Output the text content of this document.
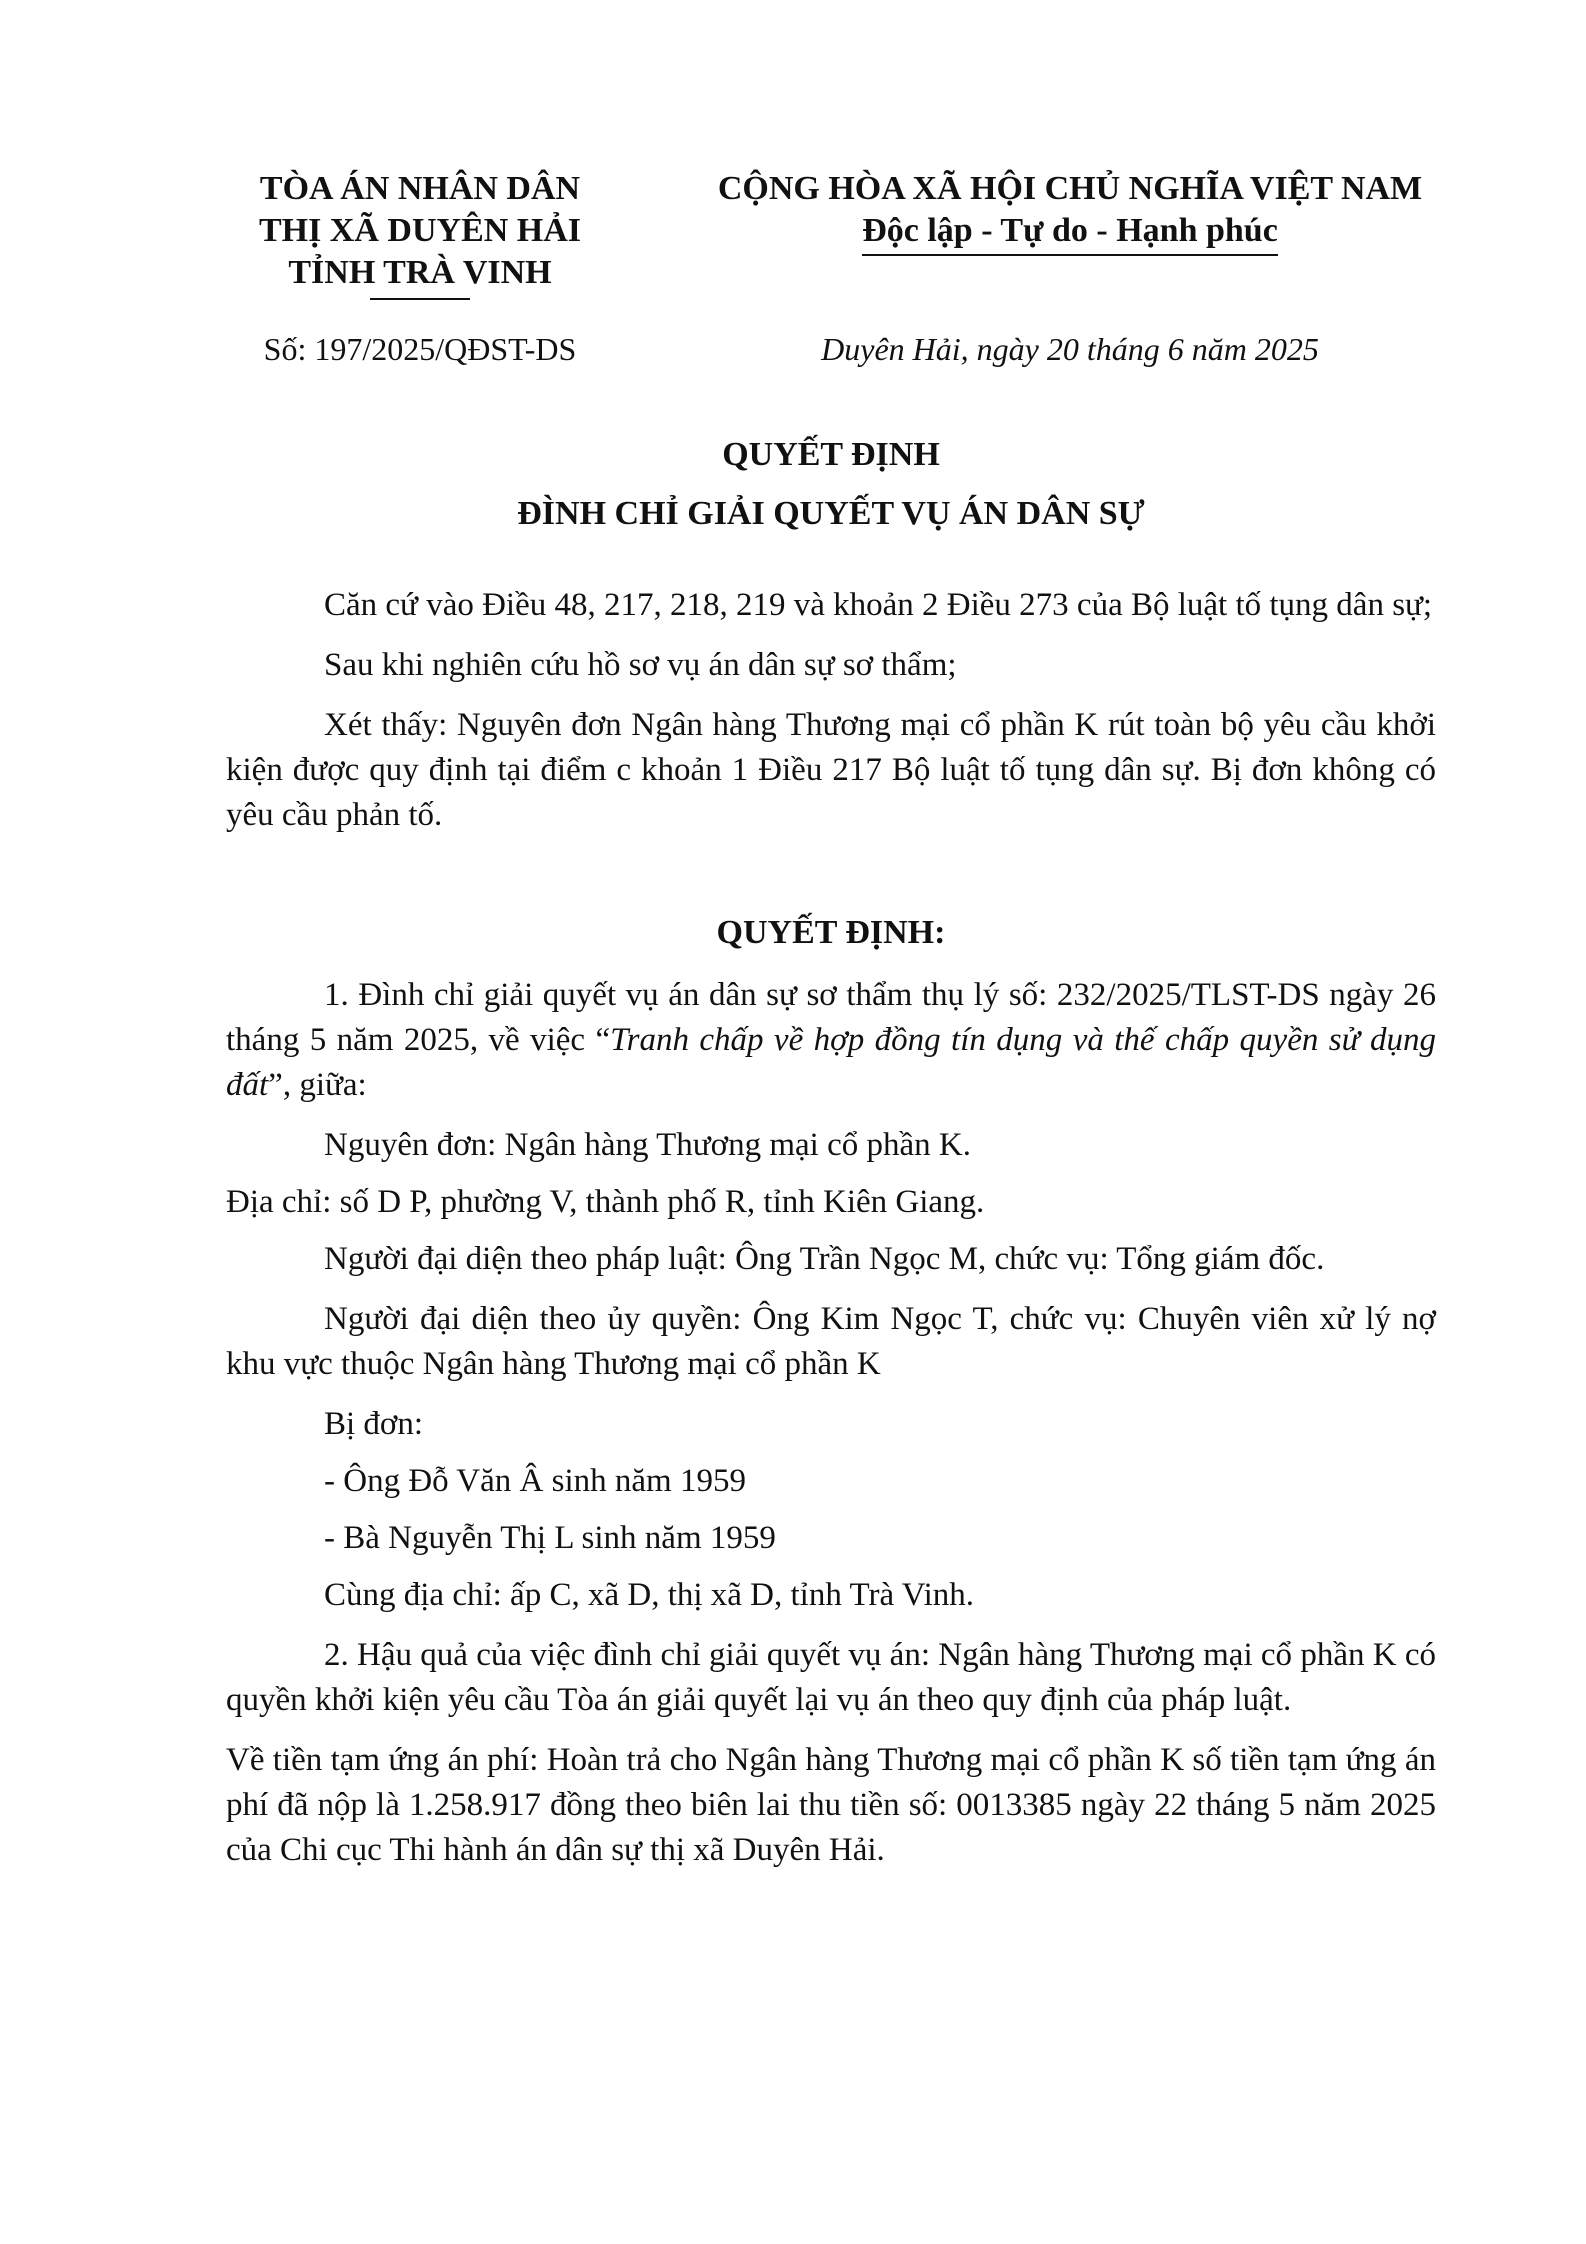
TÒA ÁN NHÂN DÂN
THỊ XÃ DUYÊN HẢI
TỈNH TRÀ VINH
CỘNG HÒA XÃ HỘI CHỦ NGHĨA VIỆT NAM
Độc lập - Tự do - Hạnh phúc
Số: 197/2025/QĐST-DS	Duyên Hải, ngày 20 tháng 6 năm 2025
QUYẾT ĐỊNH
ĐÌNH CHỈ GIẢI QUYẾT VỤ ÁN DÂN SỰ

Căn cứ vào Điều 48, 217, 218, 219 và khoản 2 Điều 273 của Bộ luật tố tụng dân sự;

Sau khi nghiên cứu hồ sơ vụ án dân sự sơ thẩm;

Xét thấy: Nguyên đơn Ngân hàng Thương mại cổ phần K rút toàn bộ yêu cầu khởi kiện được quy định tại điểm c khoản 1 Điều 217 Bộ luật tố tụng dân sự. Bị đơn không có yêu cầu phản tố.

QUYẾT ĐỊNH:

1. Đình chỉ giải quyết vụ án dân sự sơ thẩm thụ lý số: 232/2025/TLST-DS ngày 26 tháng 5 năm 2025, về việc “Tranh chấp về hợp đồng tín dụng và thế chấp quyền sử dụng đất”, giữa:

Nguyên đơn: Ngân hàng Thương mại cổ phần K.

Địa chỉ: số D P, phường V, thành phố R, tỉnh Kiên Giang.

Người đại diện theo pháp luật: Ông Trần Ngọc M, chức vụ: Tổng giám đốc.

Người đại diện theo ủy quyền: Ông Kim Ngọc T, chức vụ: Chuyên viên xử lý nợ khu vực thuộc Ngân hàng Thương mại cổ phần K

Bị đơn:

- Ông Đỗ Văn Â sinh năm 1959

- Bà Nguyễn Thị L sinh năm 1959

Cùng địa chỉ: ấp C, xã D, thị xã D, tỉnh Trà Vinh.

2. Hậu quả của việc đình chỉ giải quyết vụ án: Ngân hàng Thương mại cổ phần K có quyền khởi kiện yêu cầu Tòa án giải quyết lại vụ án theo quy định của pháp luật.

Về tiền tạm ứng án phí: Hoàn trả cho Ngân hàng Thương mại cổ phần K số tiền tạm ứng án phí đã nộp là 1.258.917 đồng theo biên lai thu tiền số: 0013385 ngày 22 tháng 5 năm 2025 của Chi cục Thi hành án dân sự thị xã Duyên Hải.
